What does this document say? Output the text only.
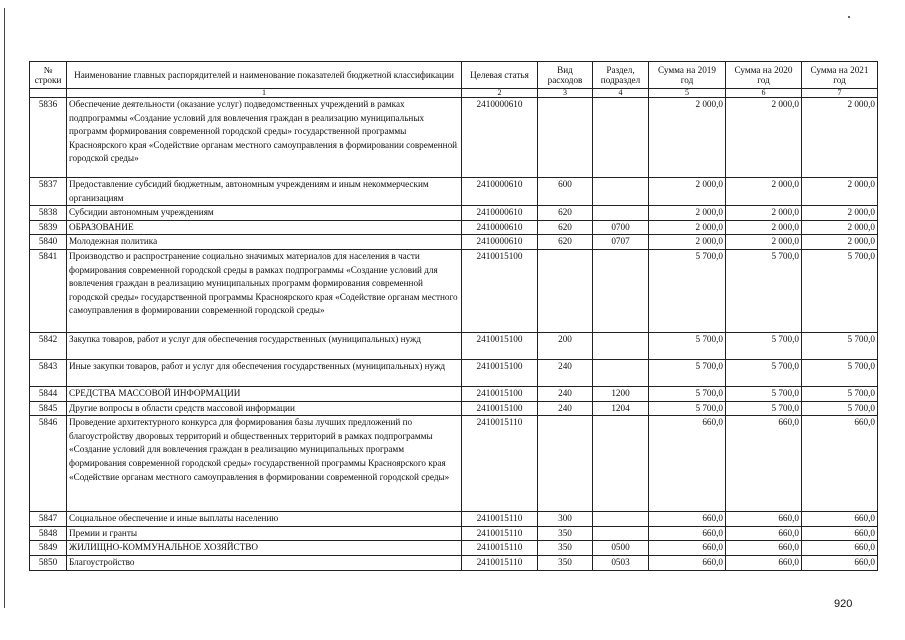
№ строки	Наименование главных распорядителей и наименование показателей бюджетной классификации	Целевая статья	Вид расходов	Раздел, подраздел	Сумма на 2019 год	Сумма на 2020 год	Сумма на 2021 год
	1	2	3	4	5	6	7
5836	Обеспечение деятельности (оказание услуг) подведомственных учреждений в рамках подпрограммы «Создание условий для вовлечения граждан в реализацию муниципальных программ формирования современной городской среды» государственной программы Красноярского края «Содействие органам местного самоуправления в формировании современной городской среды»	2410000610			2 000,0	2 000,0	2 000,0
5837	Предоставление субсидий бюджетным, автономным учреждениям и иным некоммерческим организациям	2410000610	600		2 000,0	2 000,0	2 000,0
5838	Субсидии автономным учреждениям	2410000610	620		2 000,0	2 000,0	2 000,0
5839	ОБРАЗОВАНИЕ	2410000610	620	0700	2 000,0	2 000,0	2 000,0
5840	Молодежная политика	2410000610	620	0707	2 000,0	2 000,0	2 000,0
5841	Производство и распространение социально значимых материалов для населения в части формирования современной городской среды в рамках подпрограммы «Создание условий для вовлечения граждан в реализацию муниципальных программ формирования современной городской среды» государственной программы Красноярского края «Содействие органам местного самоуправления в формировании современной городской среды»	2410015100			5 700,0	5 700,0	5 700,0
5842	Закупка товаров, работ и услуг для обеспечения государственных (муниципальных) нужд	2410015100	200		5 700,0	5 700,0	5 700,0
5843	Иные закупки товаров, работ и услуг для обеспечения государственных (муниципальных) нужд	2410015100	240		5 700,0	5 700,0	5 700,0
5844	СРЕДСТВА МАССОВОЙ ИНФОРМАЦИИ	2410015100	240	1200	5 700,0	5 700,0	5 700,0
5845	Другие вопросы в области средств массовой информации	2410015100	240	1204	5 700,0	5 700,0	5 700,0
5846	Проведение архитектурного конкурса для формирования базы лучших предложений по благоустройству дворовых территорий и общественных территорий в рамках подпрограммы «Создание условий для вовлечения граждан в реализацию муниципальных программ формирования современной городской среды» государственной программы Красноярского края «Содействие органам местного самоуправления в формировании современной городской среды»	2410015110			660,0	660,0	660,0
5847	Социальное обеспечение и иные выплаты населению	2410015110	300		660,0	660,0	660,0
5848	Премии и гранты	2410015110	350		660,0	660,0	660,0
5849	ЖИЛИЩНО-КОММУНАЛЬНОЕ ХОЗЯЙСТВО	2410015110	350	0500	660,0	660,0	660,0
5850	Благоустройство	2410015110	350	0503	660,0	660,0	660,0
920
